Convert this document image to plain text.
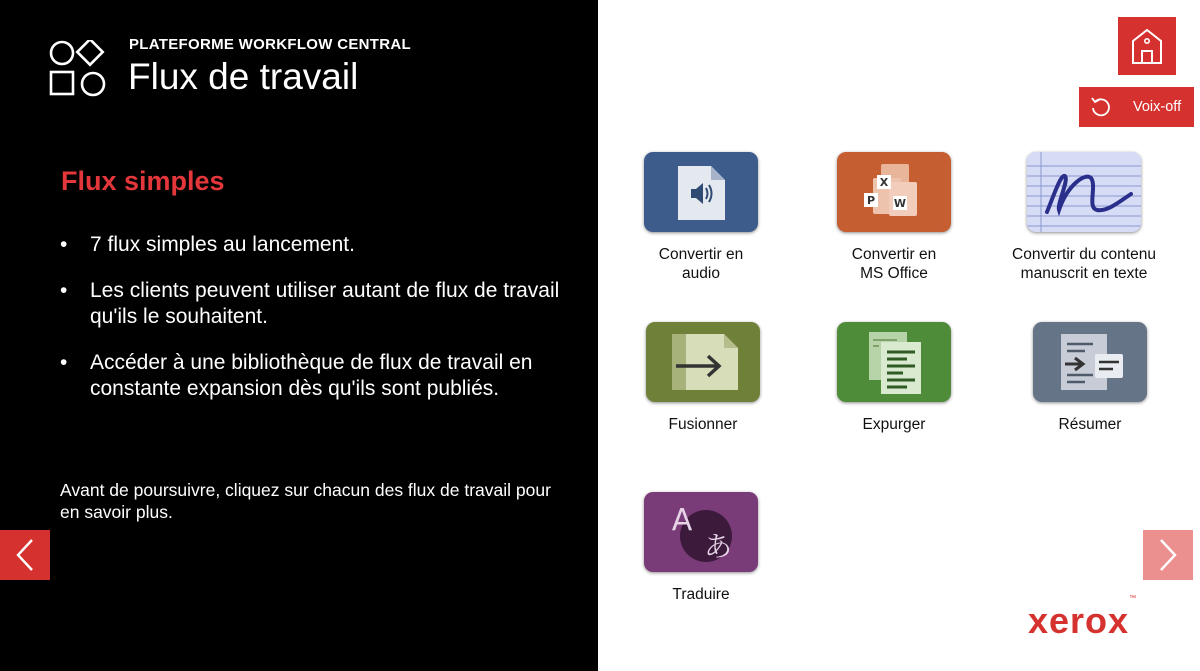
PLATEFORME WORKFLOW CENTRAL
Flux de travail
Flux simples
• 7 flux simples au lancement.
• Les clients peuvent utiliser autant de flux de travail qu'ils le souhaitent.
• Accéder à une bibliothèque de flux de travail en constante expansion dès qu'ils sont publiés.
Avant de poursuivre, cliquez sur chacun des flux de travail pour en savoir plus.
Voix-off
Convertir en
audio
X
P W
Convertir en
MS Office
Convertir du contenu
manuscrit en texte
Fusionner	Expurger	Résumer
A
あ
Traduire
xerox™
